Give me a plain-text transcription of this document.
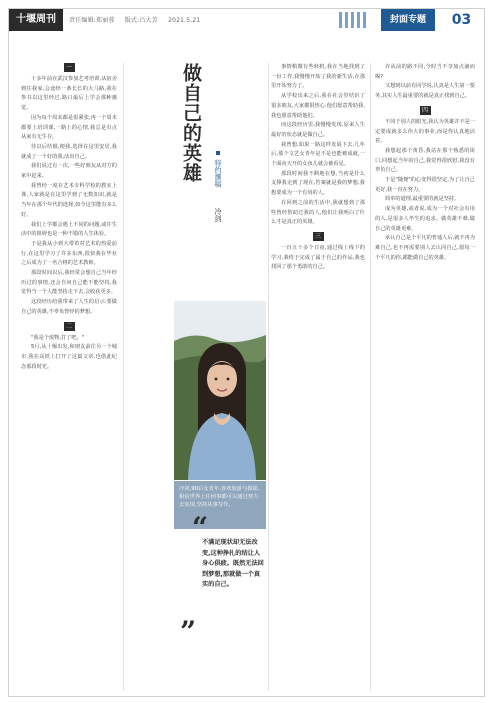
十堰周刊	责任编辑:郑丽蓉 版式:吕大芳 2021.5.21	封面专题	03
一

十多年前在武汉参加艺考培训,从宿舍到往我家,会途经一条长长的大马路,我在参书以这里经过,路口最后上学会那种感觉。

因为每个周末都是很紧张,再一个周末都要上培训课,一路上的心情,我总是有点从家有无生存。

待以后结婚,便我,选择在这里安居,我就成了一个好的我,活出自己。

我们说过有一次,一些好朋友从对方的家中赶来。

我曾经一度在艺术专科学校的教室上课,人家就是在这里学到了无数知识,就是当年在那个年代的选择,如今这里能有多么好。

我们上学都会遇上不同的问题,或许生活中的阻碍也是一种不错的人生体验。

于是我从小到大带着对艺术的热爱前行,在这里学习了许多东西,很快我在毕业之后成为了一名合格的艺术教师。

那段时间以后,我经常会想自己当年经历过的事情,还会自问自己能不能坚持,我觉得当一个人能坚持走下去,会收获更多。

这段经历给我带来了人生的启示:要做自己的英雄,不辜负曾经的梦想。

二

"我是个废物,打了吧。"

5月,从十堰出发,和朋友前往另一个城市,我在高铁上打开了这篇文章,也借此纪念那段时光。

做自己的英雄	特约撰稿  冷剑
冷剑,90后女青年,喜欢旅游与摄影,相信世界上任何事都可以通过努力去实现,坚持从事写作。
“
不满足现状却无法改变,这种挣扎的结让人身心俱疲。既然无法回到梦想,那就做一个真实的自己。
”

事情稍微有些转机,我在当地找到了一份工作,我慢慢开始了我的新生活,在那里开始努力了。

从学校出来之后,我在社会里结识了很多朋友,大家都很热心,他们愿意帮助我,我也愿意帮助他们。

而这段经历里,我慢慢发现,原来人生最好的状态就是做自己。

我曾想,如果一路这样发展下去,几年后,那个文艺女青年是不是也能被成就,一个面向天开的女孩儿就会被看见。

那段时间我不断地在想,当初是什么支撑我走到了现在,答案就是我的梦想,我想要成为一个有用的人。

在回到之前的生活中,我就想到了那些曾经帮助过我的人,他们让我明白了什么才是真正的英雄。

三

一百五十多个日夜,通过线上线下的学习,我终于完成了属于自己的作品,我也找回了那个勇敢的自己。

许从前的路不同,今时当不享加点滴而喝?

又想到以前有同学说,认真是人生第一要务,其实人生最重要的就是真正找到自己。

四

不同于别人的眼光,我认为英雄并不是一定要成就多么伟大的事业,而是你认真地活着。

我想起那个黄昏,我站在那个熟悉的街口,回想起当年的自己,我觉得很欣慰,我没有辜负自己。

于是"随便"的心变得很坚定,为了让自己更好,我一直在努力。

简单的道理,最重要的就是坚持。

成为英雄,或者说,成为一个对社会有用的人,是很多人毕生的追求。做英雄不难,做自己的英雄更难。

承认自己是个平凡的普通人后,就不再为难自己,也不再需要别人去认同自己,愿每一个平凡的你,都能做自己的英雄。
